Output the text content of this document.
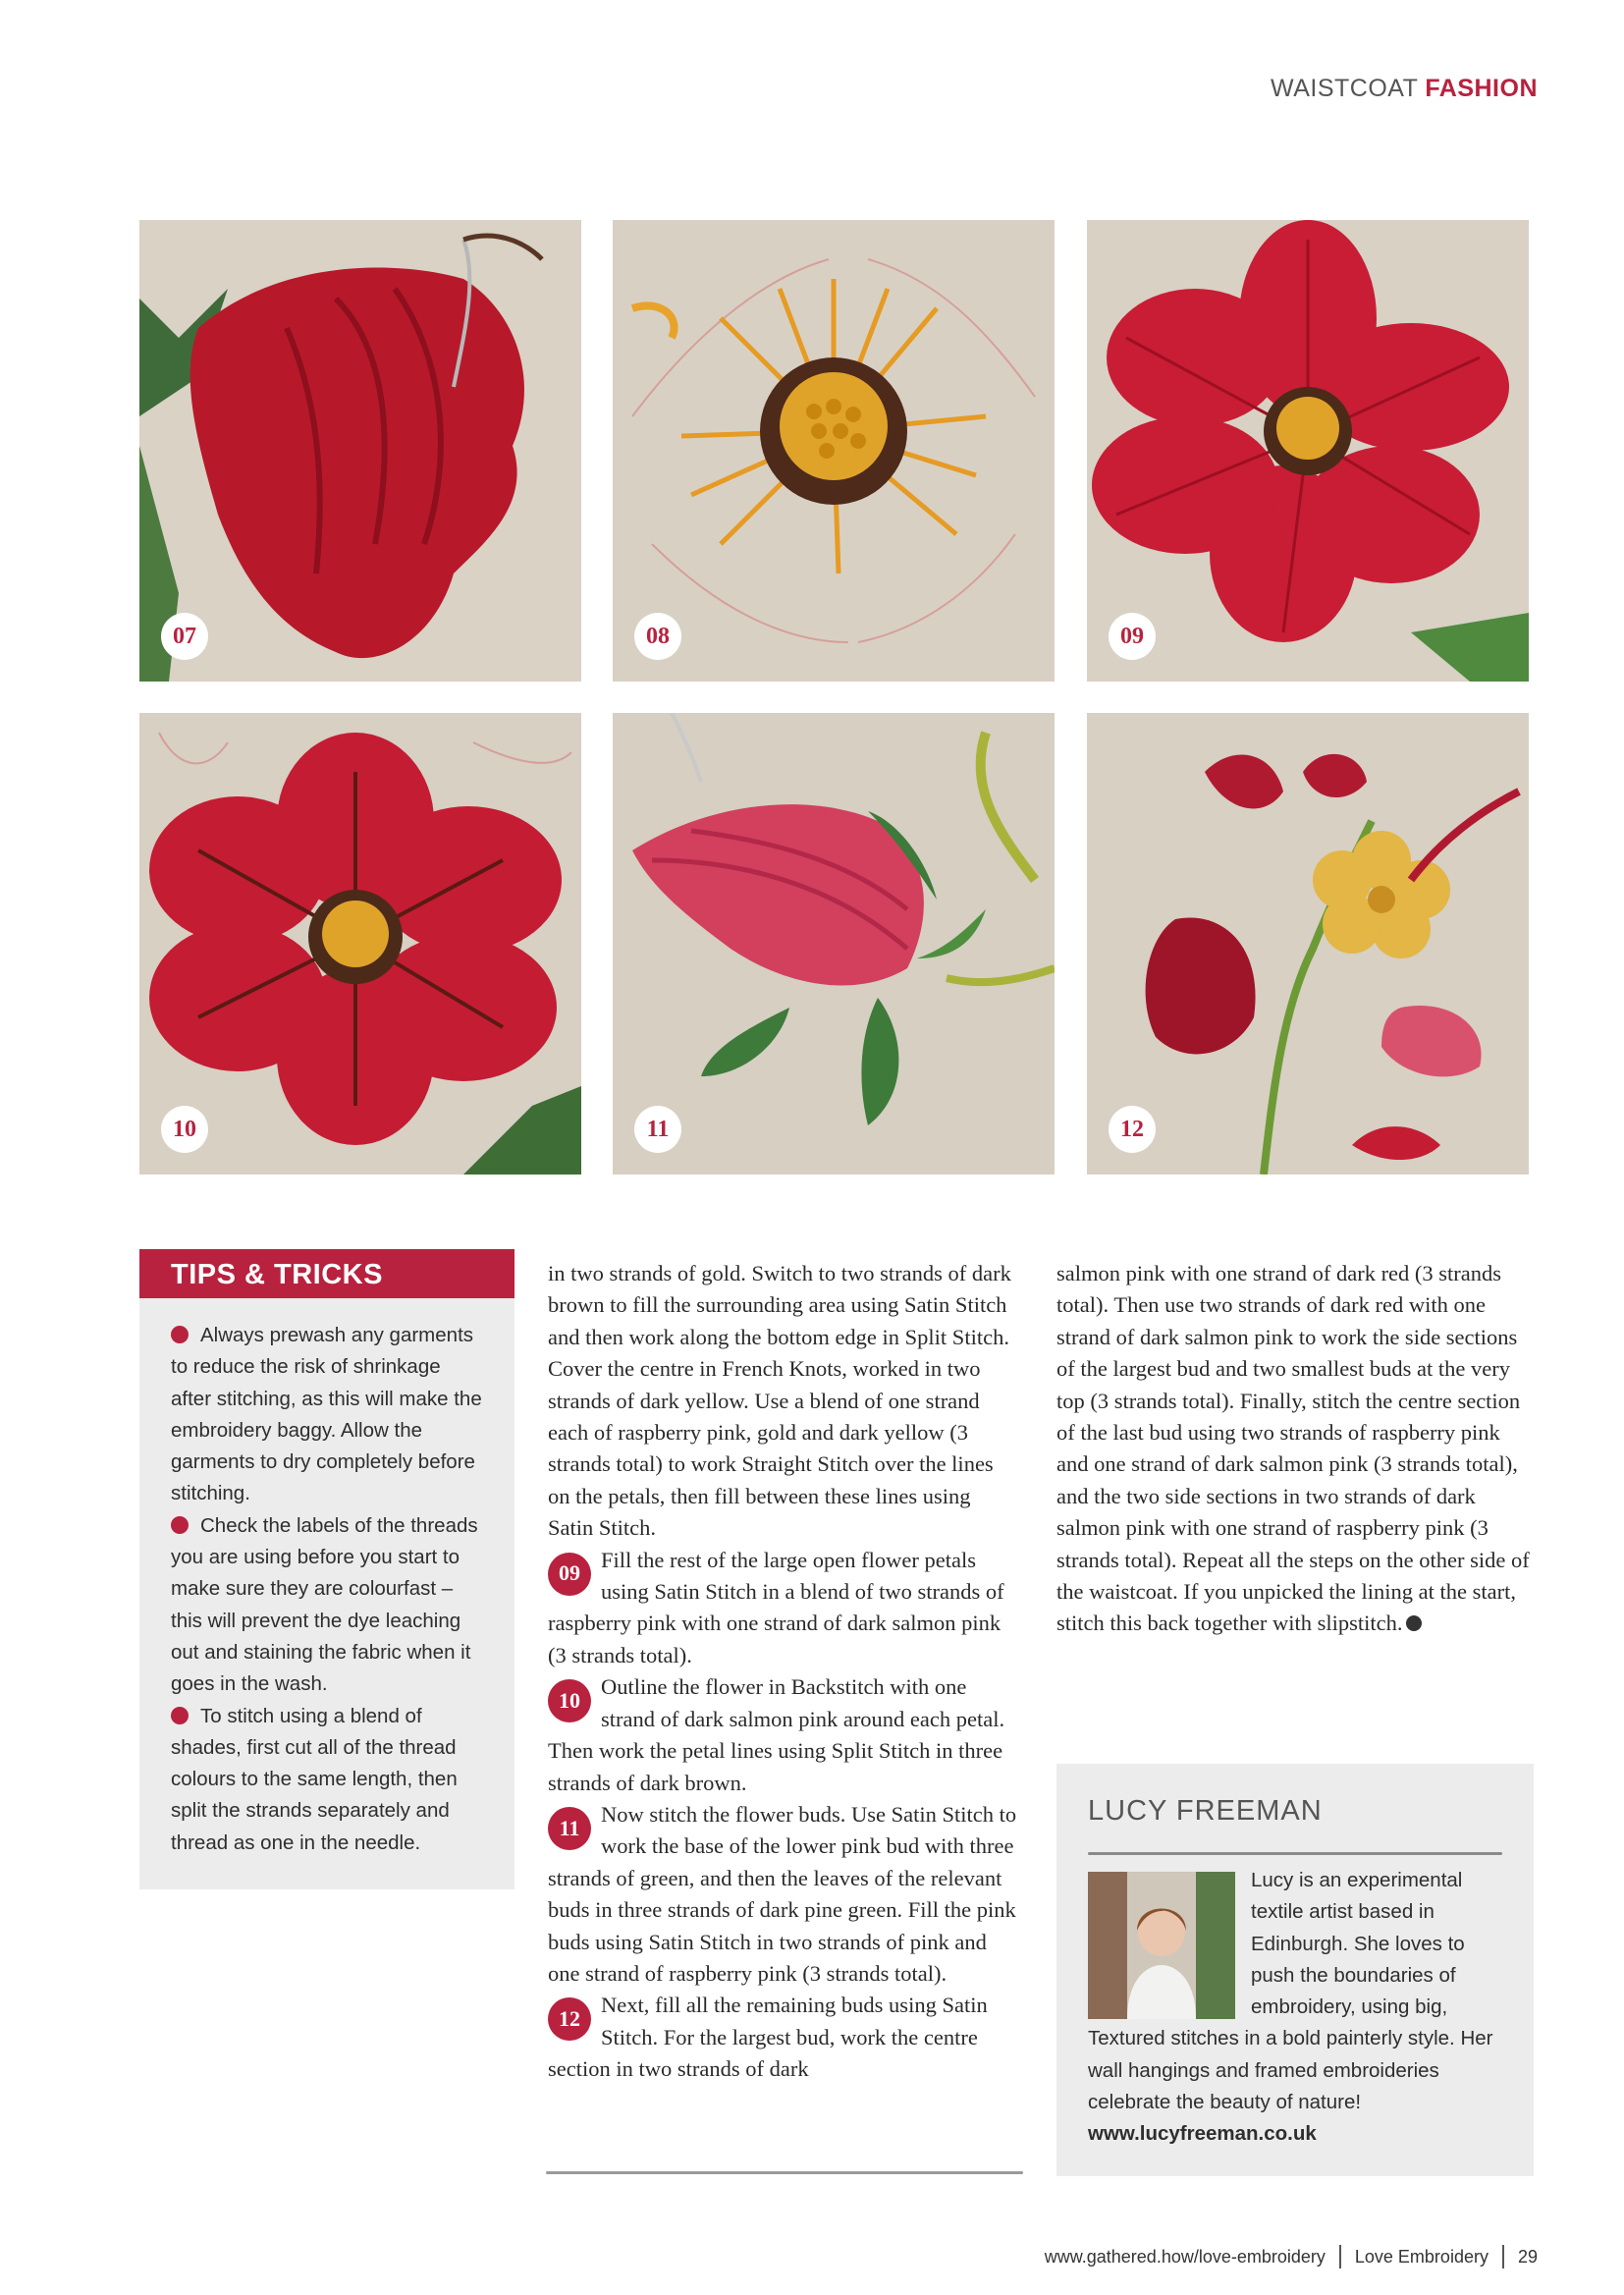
WAISTCOAT FASHION
07	08	09
10	11	12
TIPS & TRICKS

Always prewash any garments to reduce the risk of shrinkage after stitching, as this will make the embroidery baggy. Allow the garments to dry completely before stitching.

Check the labels of the threads you are using before you start to make sure they are colourfast – this will prevent the dye leaching out and staining the fabric when it goes in the wash.

To stitch using a blend of shades, first cut all of the thread colours to the same length, then split the strands separately and thread as one in the needle.

in two strands of gold. Switch to two strands of dark brown to fill the surrounding area using Satin Stitch and then work along the bottom edge in Split Stitch. Cover the centre in French Knots, worked in two strands of dark yellow. Use a blend of one strand each of raspberry pink, gold and dark yellow (3 strands total) to work Straight Stitch over the lines on the petals, then fill between these lines using Satin Stitch.

09
Fill the rest of the large open flower petals using Satin Stitch in a blend of two strands of raspberry pink with one strand of dark salmon pink (3 strands total).

10
Outline the flower in Backstitch with one strand of dark salmon pink around each petal. Then work the petal lines using Split Stitch in three strands of dark brown.

11
Now stitch the flower buds. Use Satin Stitch to work the base of the lower pink bud with three strands of green, and then the leaves of the relevant buds in three strands of dark pine green. Fill the pink buds using Satin Stitch in two strands of pink and one strand of raspberry pink (3 strands total).

12
Next, fill all the remaining buds using Satin Stitch. For the largest bud, work the centre section in two strands of dark

salmon pink with one strand of dark red (3 strands total). Then use two strands of dark red with one strand of dark salmon pink to work the side sections of the largest bud and two smallest buds at the very top (3 strands total). Finally, stitch the centre section of the last bud using two strands of raspberry pink and one strand of dark salmon pink (3 strands total), and the two side sections in two strands of dark salmon pink with one strand of raspberry pink (3 strands total). Repeat all the steps on the other side of the waistcoat. If you unpicked the lining at the start, stitch this back together with slipstitch.

LUCY FREEMAN
Lucy is an experimental textile artist based in Edinburgh. She loves to push the boundaries of embroidery, using big, Textured stitches in a bold painterly style. Her wall hangings and framed embroideries celebrate the beauty of nature!
www.lucyfreeman.co.uk
www.gathered.how/love-embroidery Love Embroidery 29
